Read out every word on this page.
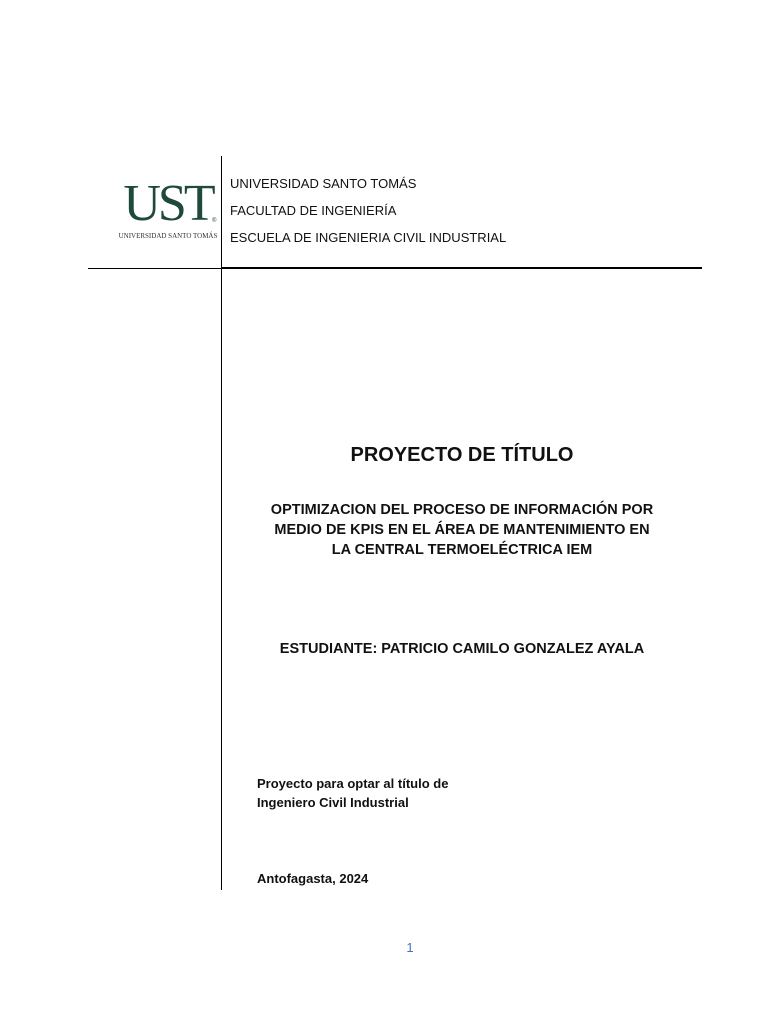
UST ®
UNIVERSIDAD SANTO TOMÁS
UNIVERSIDAD SANTO TOMÁS
FACULTAD DE INGENIERÍA
ESCUELA DE INGENIERIA CIVIL INDUSTRIAL
PROYECTO DE TÍTULO
OPTIMIZACION DEL PROCESO DE INFORMACIÓN POR
MEDIO DE KPIS EN EL ÁREA DE MANTENIMIENTO EN
LA CENTRAL TERMOELÉCTRICA IEM
ESTUDIANTE: PATRICIO CAMILO GONZALEZ AYALA
Proyecto para optar al título de
Ingeniero Civil Industrial
Antofagasta, 2024
1
